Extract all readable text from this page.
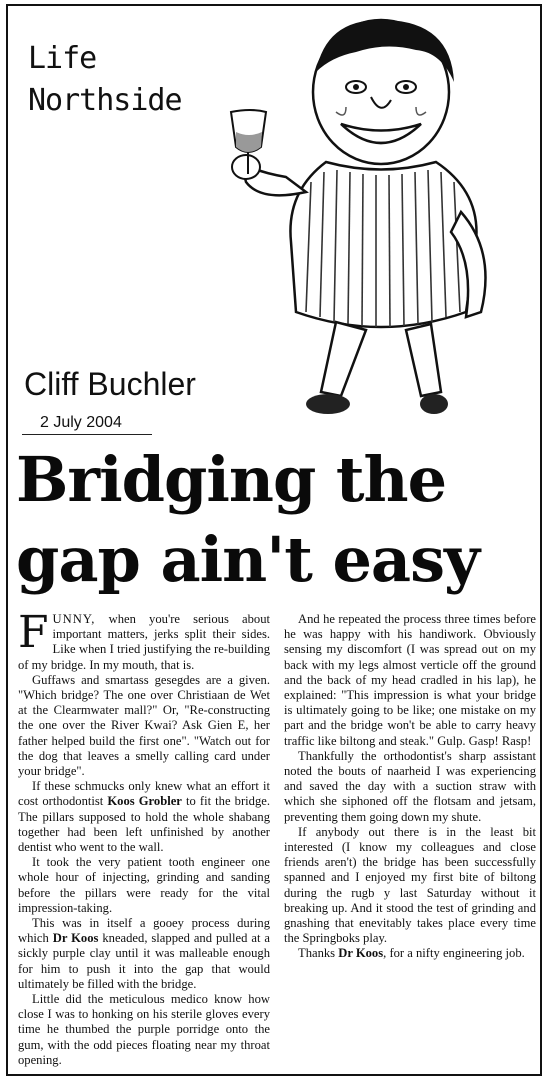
Life
Northside
Cliff Buchler
2 July 2004
Bridging the
gap ain't easy

FUNNY, when you're serious about important matters, jerks split their sides. Like when I tried justifying the re-building of my bridge. In my mouth, that is.

Guffaws and smartass gesegdes are a given. "Which bridge? The one over Christiaan de Wet at the Clearmwater mall?" Or, "Re-constructing the one over the River Kwai? Ask Gien E, her father helped build the first one". "Watch out for the dog that leaves a smelly calling card under your bridge".

If these schmucks only knew what an effort it cost orthodontist Koos Grobler to fit the bridge. The pillars supposed to hold the whole shabang together had been left unfinished by another dentist who went to the wall.

It took the very patient tooth engineer one whole hour of injecting, grinding and sanding before the pillars were ready for the vital impression-taking.

This was in itself a gooey process during which Dr Koos kneaded, slapped and pulled at a sickly purple clay until it was malleable enough for him to push it into the gap that would ultimately be filled with the bridge.

Little did the meticulous medico know how close I was to honking on his sterile gloves every time he thumbed the purple porridge onto the gum, with the odd pieces floating near my throat opening.

And he repeated the process three times before he was happy with his handiwork. Obviously sensing my discomfort (I was spread out on my back with my legs almost verticle off the ground and the back of my head cradled in his lap), he explained: "This impression is what your bridge is ultimately going to be like; one mistake on my part and the bridge won't be able to carry heavy traffic like biltong and steak." Gulp. Gasp! Rasp!

Thankfully the orthodontist's sharp assistant noted the bouts of naarheid I was experiencing and saved the day with a suction straw with which she siphoned off the flotsam and jetsam, preventing them going down my shute.

If anybody out there is in the least bit interested (I know my colleagues and close friends aren't) the bridge has been successfully spanned and I enjoyed my first bite of biltong during the rugb y last Saturday without it breaking up. And it stood the test of grinding and gnashing that enevitably takes place every time the Springboks play.

Thanks Dr Koos, for a nifty engineering job.
